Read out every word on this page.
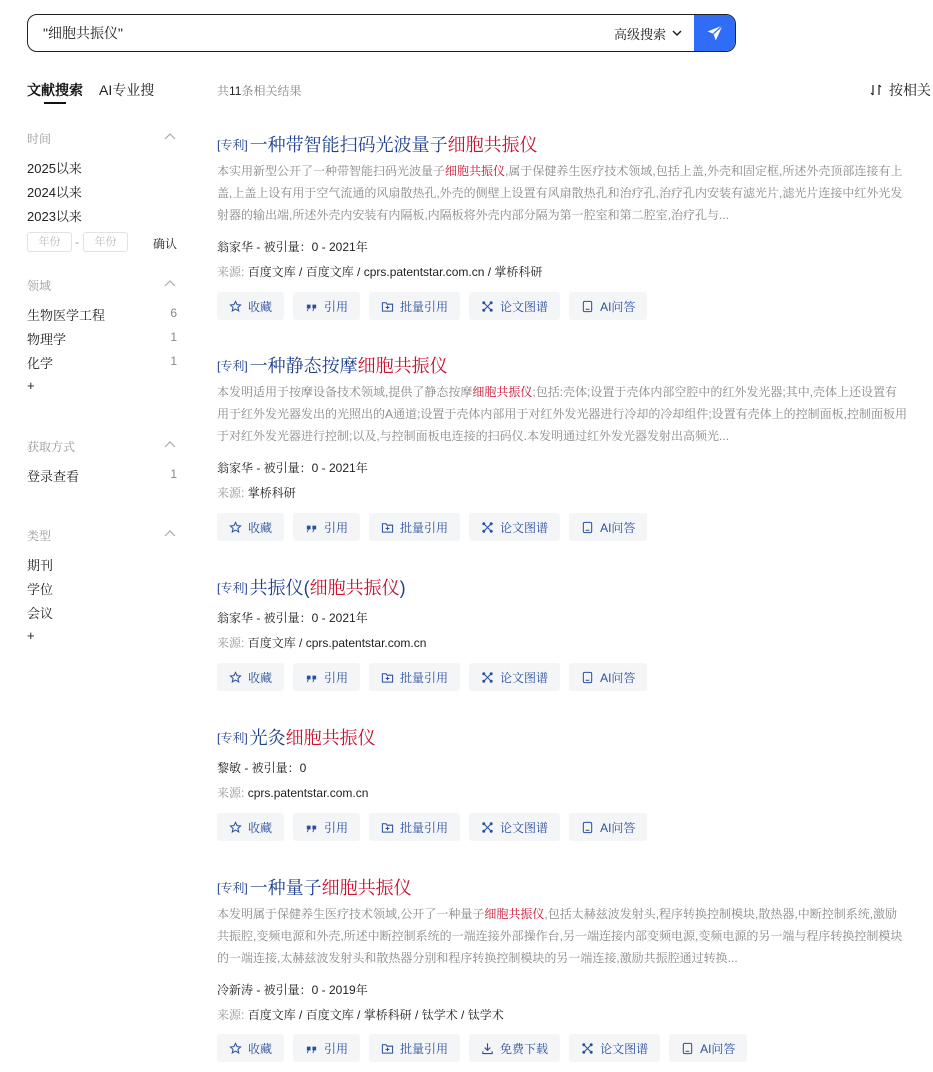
"细胞共振仪"
高级搜索
文献搜索 AI专业搜	共11条相关结果	按相关
时间
2025以来
2024以来
2023以来
年份	-	年份	确认
领域
生物医学工程	6
物理学	1
化学	1
+
获取方式
登录查看	1
类型
期刊
学位
会议
+
[专利] 一种带智能扫码光波量子细胞共振仪
本实用新型公开了一种带智能扫码光波量子细胞共振仪,属于保健养生医疗技术领域,包括上盖,外壳和固定框,所述外壳顶部连接有上盖,上盖上设有用于空气流通的风扇散热孔,外壳的侧壁上设置有风扇散热孔和治疗孔,治疗孔内安装有滤光片,滤光片连接中红外光发射器的输出端,所述外壳内安装有内隔板,内隔板将外壳内部分隔为第一腔室和第二腔室,治疗孔与...
翁家华 - 被引量：0 - 2021年
来源: 百度文库 / 百度文库 / cprs.patentstar.com.cn / 掌桥科研
收藏	引用	批量引用	论文图谱	AI问答
[专利] 一种静态按摩细胞共振仪
本发明适用于按摩设备技术领域,提供了静态按摩细胞共振仪;包括:壳体;设置于壳体内部空腔中的红外发光器;其中,壳体上还设置有用于红外发光器发出的光照出的A通道;设置于壳体内部用于对红外发光器进行冷却的冷却组件;设置有壳体上的控制面板,控制面板用于对红外发光器进行控制;以及,与控制面板电连接的扫码仪.本发明通过红外发光器发射出高频光...
翁家华 - 被引量：0 - 2021年
来源: 掌桥科研
收藏	引用	批量引用	论文图谱	AI问答
[专利] 共振仪(细胞共振仪)
翁家华 - 被引量：0 - 2021年
来源: 百度文库 / cprs.patentstar.com.cn
收藏	引用	批量引用	论文图谱	AI问答
[专利] 光灸细胞共振仪
黎敏 - 被引量：0
来源: cprs.patentstar.com.cn
收藏	引用	批量引用	论文图谱	AI问答
[专利] 一种量子细胞共振仪
本发明属于保健养生医疗技术领域,公开了一种量子细胞共振仪,包括太赫兹波发射头,程序转换控制模块,散热器,中断控制系统,激励共振腔,变频电源和外壳,所述中断控制系统的一端连接外部操作台,另一端连接内部变频电源,变频电源的另一端与程序转换控制模块的一端连接,太赫兹波发射头和散热器分别和程序转换控制模块的另一端连接,激励共振腔通过转换...
冷新涛 - 被引量：0 - 2019年
来源: 百度文库 / 百度文库 / 掌桥科研 / 钛学术 / 钛学术
收藏	引用	批量引用	免费下载	论文图谱	AI问答
